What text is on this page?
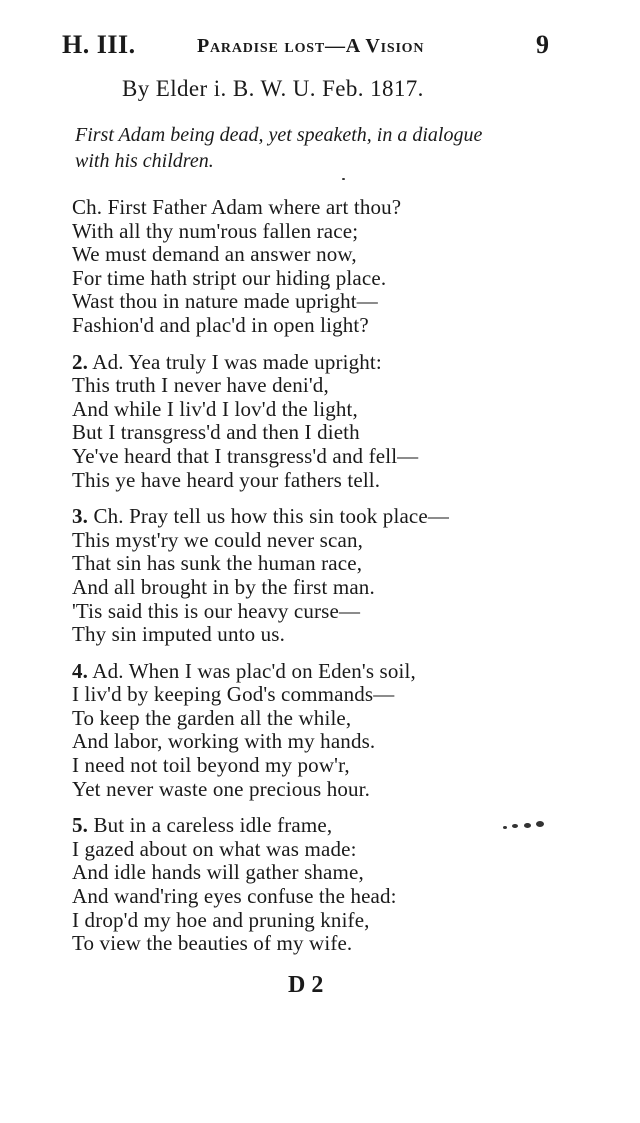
H. III.	Paradise lost—A Vision	9
By Elder i. B. W. U. Feb. 1817.
First Adam being dead, yet speaketh, in a dialogue
with his children.
Ch. First Father Adam where art thou?
With all thy num'rous fallen race;
We must demand an answer now,
For time hath stript our hiding place.
Wast thou in nature made upright—
Fashion'd and plac'd in open light?
2. Ad. Yea truly I was made upright:
This truth I never have deni'd,
And while I liv'd I lov'd the light,
But I transgress'd and then I dieth
Ye've heard that I transgress'd and fell—
This ye have heard your fathers tell.
3. Ch. Pray tell us how this sin took place—
This myst'ry we could never scan,
That sin has sunk the human race,
And all brought in by the first man.
'Tis said this is our heavy curse—
Thy sin imputed unto us.
4. Ad. When I was plac'd on Eden's soil,
I liv'd by keeping God's commands—
To keep the garden all the while,
And labor, working with my hands.
I need not toil beyond my pow'r,
Yet never waste one precious hour.
5. But in a careless idle frame,
I gazed about on what was made:
And idle hands will gather shame,
And wand'ring eyes confuse the head:
I drop'd my hoe and pruning knife,
To view the beauties of my wife.
D 2
